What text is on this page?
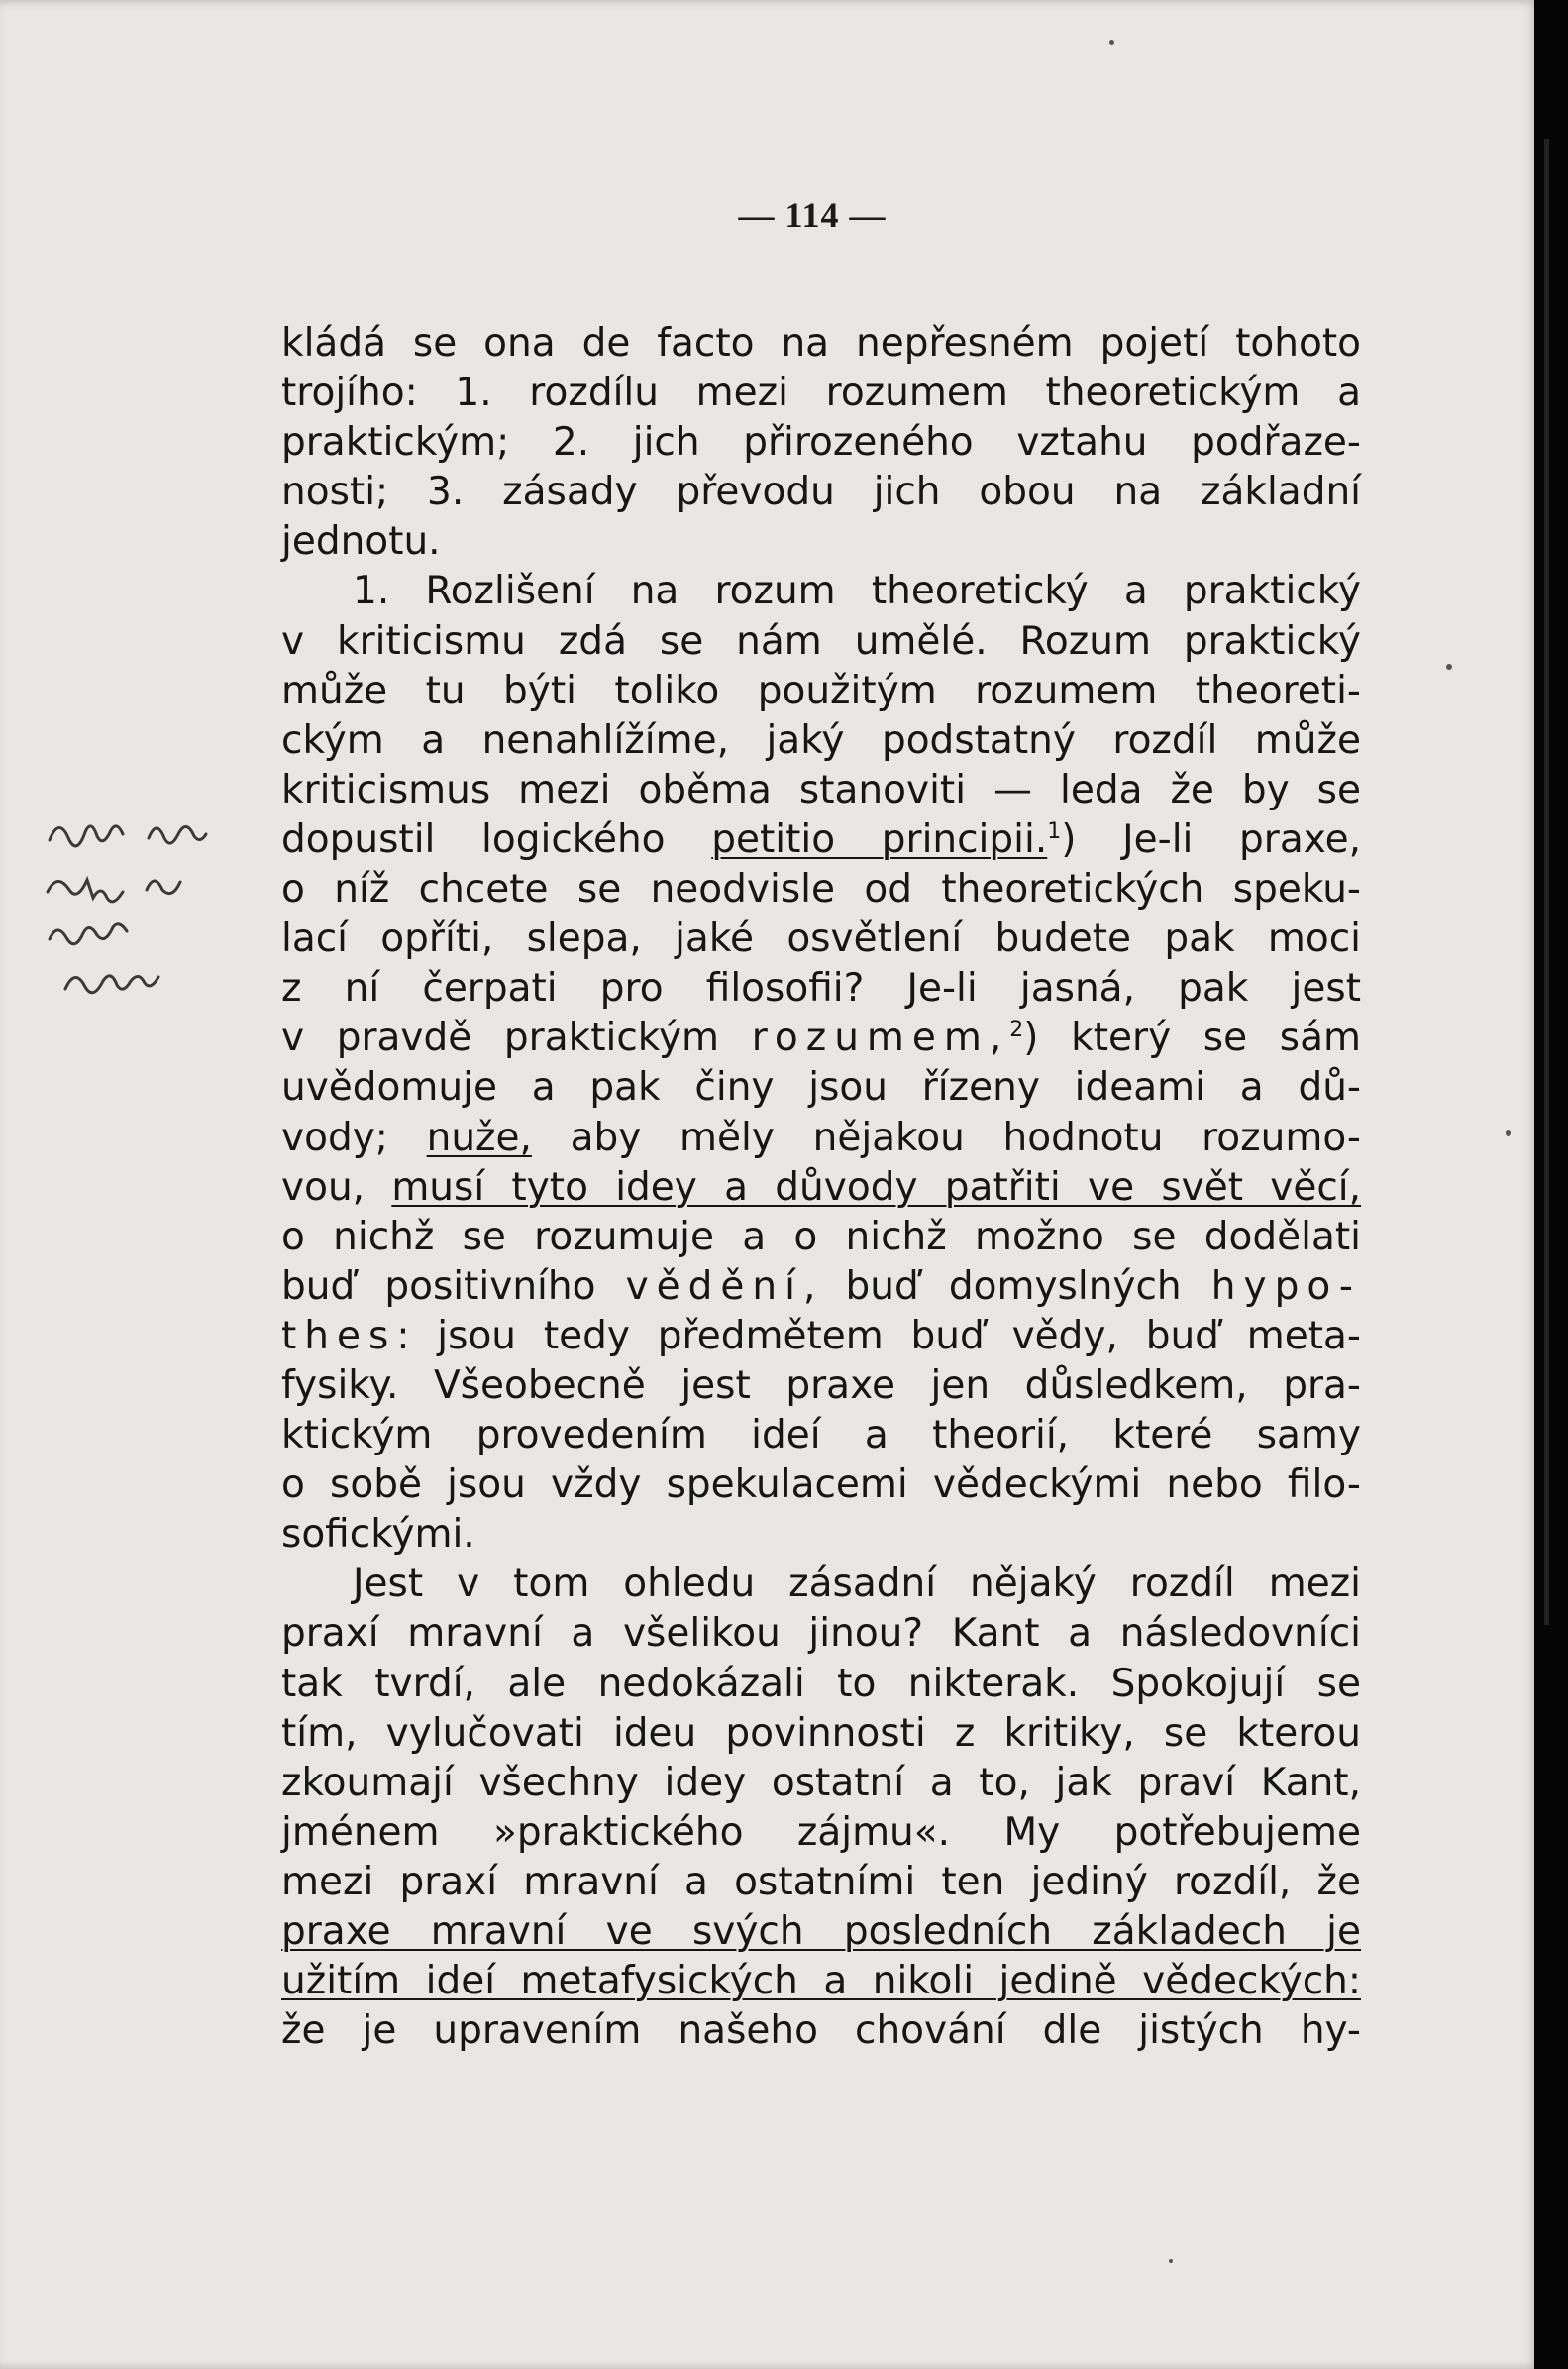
— 114 —
kládá se ona de facto na nepřesném pojetí tohoto
trojího: 1. rozdílu mezi rozumem theoretickým a
praktickým; 2. jich přirozeného vztahu podřaze-
nosti; 3. zásady převodu jich obou na základní
jednotu.
1. Rozlišení na rozum theoretický a praktický
v kriticismu zdá se nám umělé. Rozum praktický
může tu býti toliko použitým rozumem theoreti-
ckým a nenahlížíme, jaký podstatný rozdíl může
kriticismus mezi oběma stanoviti — leda že by se
dopustil logického petitio principii.$^1$) Je-li praxe,
o níž chcete se neodvisle od theoretických speku-
lací opříti, slepa, jaké osvětlení budete pak moci
z ní čerpati pro filosofii? Je-li jasná, pak jest
v pravdě praktickým rozumem,$^2$) který se sám
uvědomuje a pak činy jsou řízeny ideami a dů-
vody; nuže, aby měly nějakou hodnotu rozumo-
vou, musí tyto idey a důvody patřiti ve svět věcí,
o nichž se rozumuje a o nichž možno se dodělati
buď positivního vědění, buď domyslných hypo-
thes: jsou tedy předmětem buď vědy, buď meta-
fysiky. Všeobecně jest praxe jen důsledkem, pra-
ktickým provedením ideí a theorií, které samy
o sobě jsou vždy spekulacemi vědeckými nebo filo-
sofickými.
Jest v tom ohledu zásadní nějaký rozdíl mezi
praxí mravní a všelikou jinou? Kant a následovníci
tak tvrdí, ale nedokázali to nikterak. Spokojují se
tím, vylučovati ideu povinnosti z kritiky, se kterou
zkoumají všechny idey ostatní a to, jak praví Kant,
jménem »praktického zájmu«. My potřebujeme
mezi praxí mravní a ostatními ten jediný rozdíl, že
praxe mravní ve svých posledních základech je
užitím ideí metafysických a nikoli jedině vědeckých:
že je upravením našeho chování dle jistých hy-
